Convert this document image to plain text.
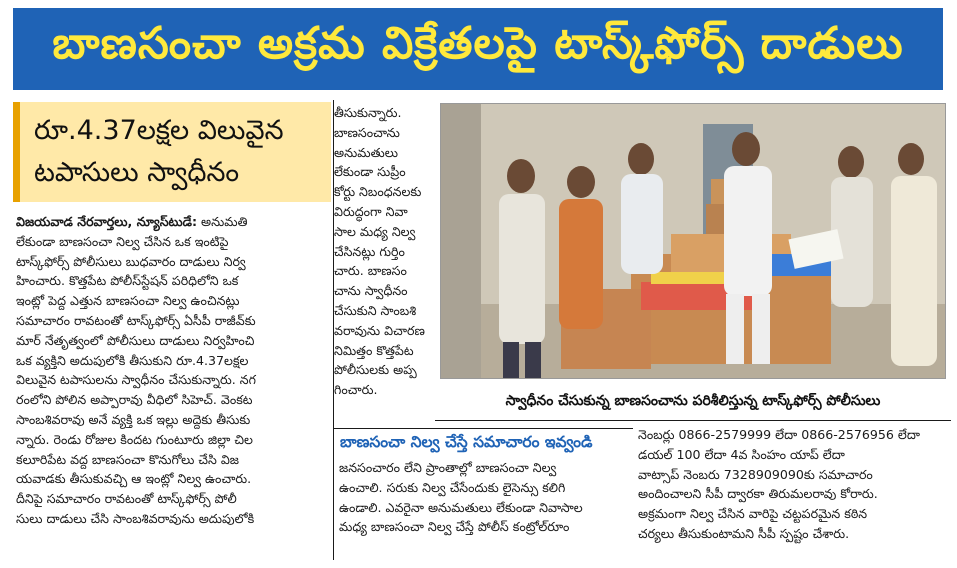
బాణసంచా అక్రమ విక్రేతలపై టాస్క్‌ఫోర్స్ దాడులు
రూ.4.37లక్షల విలువైన
టపాసులు స్వాధీనం

విజయవాడ నేరవార్తలు, న్యూస్‌టుడే: అనుమతి

లేకుండా బాణసంచా నిల్వ చేసిన ఒక ఇంటిపై

టాస్క్‌ఫోర్స్ పోలీసులు బుధవారం దాడులు నిర్వ

హించారు. కొత్తపేట పోలీస్‌స్టేషన్ పరిధిలోని ఒక

ఇంట్లో పెద్ద ఎత్తున బాణసంచా నిల్వ ఉంచినట్లు

సమాచారం రావటంతో టాస్క్‌ఫోర్స్ ఏసీపీ రాజీవ్‌కు

మార్ నేతృత్వంలో పోలీసులు దాడులు నిర్వహించి

ఒక వ్యక్తిని అదుపులోకి తీసుకుని రూ.4.37లక్షల

విలువైన టపాసులను స్వాధీనం చేసుకున్నారు. నగ

రంలోని పోలిన అప్పారావు వీధిలో సిహెచ్. వెంకట

సాంబశివరావు అనే వ్యక్తి ఒక ఇల్లు అద్దెకు తీసుకు

న్నారు. రెండు రోజుల కిందట గుంటూరు జిల్లా చిల

కలూరిపేట వద్ద బాణసంచా కొనుగోలు చేసి విజ

యవాడకు తీసుకువచ్చి ఆ ఇంట్లో నిల్వ ఉంచారు.

దీనిపై సమాచారం రావటంతో టాస్క్‌ఫోర్స్ పోలీ

సులు దాడులు చేసి సాంబశివరావును అదుపులోకి

తీసుకున్నారు.

బాణసంచాను

అనుమతులు

లేకుండా సుప్రీం

కోర్టు నిబంధనలకు

విరుద్ధంగా నివా

సాల మధ్య నిల్వ

చేసినట్లు గుర్తిం

చారు. బాణసం

చాను స్వాధీనం

చేసుకుని సాంబశి

వరావును విచారణ

నిమిత్తం కొత్తపేట

పోలీసులకు అప్ప

గించారు.

స్వాధీనం చేసుకున్న బాణసంచాను పరిశీలిస్తున్న టాస్క్‌ఫోర్స్ పోలీసులు
బాణసంచా నిల్వ చేస్తే సమాచారం ఇవ్వండి

జనసంచారం లేని ప్రాంతాల్లో బాణసంచా నిల్వ

ఉంచాలి. సరుకు నిల్వ చేసేందుకు లైసెన్సు కలిగి

ఉండాలి. ఎవరైనా అనుమతులు లేకుండా నివాసాల

మధ్య బాణసంచా నిల్వ చేస్తే పోలీస్ కంట్రోల్‌రూం

నెంబర్లు 0866-2579999 లేదా 0866-2576956 లేదా

డయల్ 100 లేదా 4వ సింహం యాప్ లేదా

వాట్సాప్ నెంబరు 7328909090కు సమాచారం

అందించాలని సీపీ ద్వారకా తిరుమలరావు కోరారు.

అక్రమంగా నిల్వ చేసిన వారిపై చట్టపరమైన కఠిన

చర్యలు తీసుకుంటామని సీపీ స్పష్టం చేశారు.
